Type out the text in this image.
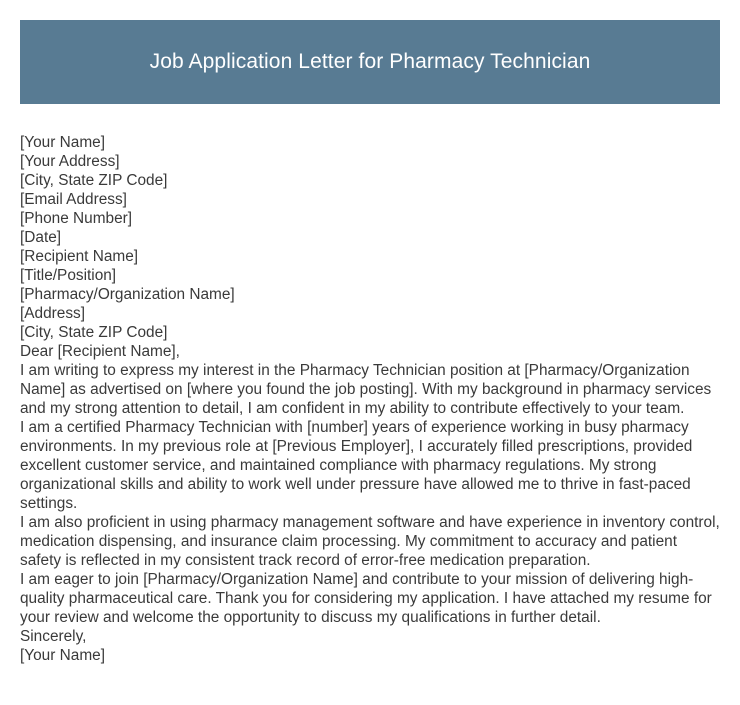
Job Application Letter for Pharmacy Technician
[Your Name]
[Your Address]
[City, State ZIP Code]
[Email Address]
[Phone Number]
[Date]
[Recipient Name]
[Title/Position]
[Pharmacy/Organization Name]
[Address]
[City, State ZIP Code]
Dear [Recipient Name],

I am writing to express my interest in the Pharmacy Technician position at [Pharmacy/Organization Name] as advertised on [where you found the job posting]. With my background in pharmacy services and my strong attention to detail, I am confident in my ability to contribute effectively to your team.

I am a certified Pharmacy Technician with [number] years of experience working in busy pharmacy environments. In my previous role at [Previous Employer], I accurately filled prescriptions, provided excellent customer service, and maintained compliance with pharmacy regulations. My strong organizational skills and ability to work well under pressure have allowed me to thrive in fast-paced settings.

I am also proficient in using pharmacy management software and have experience in inventory control, medication dispensing, and insurance claim processing. My commitment to accuracy and patient safety is reflected in my consistent track record of error-free medication preparation.

I am eager to join [Pharmacy/Organization Name] and contribute to your mission of delivering high-quality pharmaceutical care. Thank you for considering my application. I have attached my resume for your review and welcome the opportunity to discuss my qualifications in further detail.

Sincerely,
[Your Name]
